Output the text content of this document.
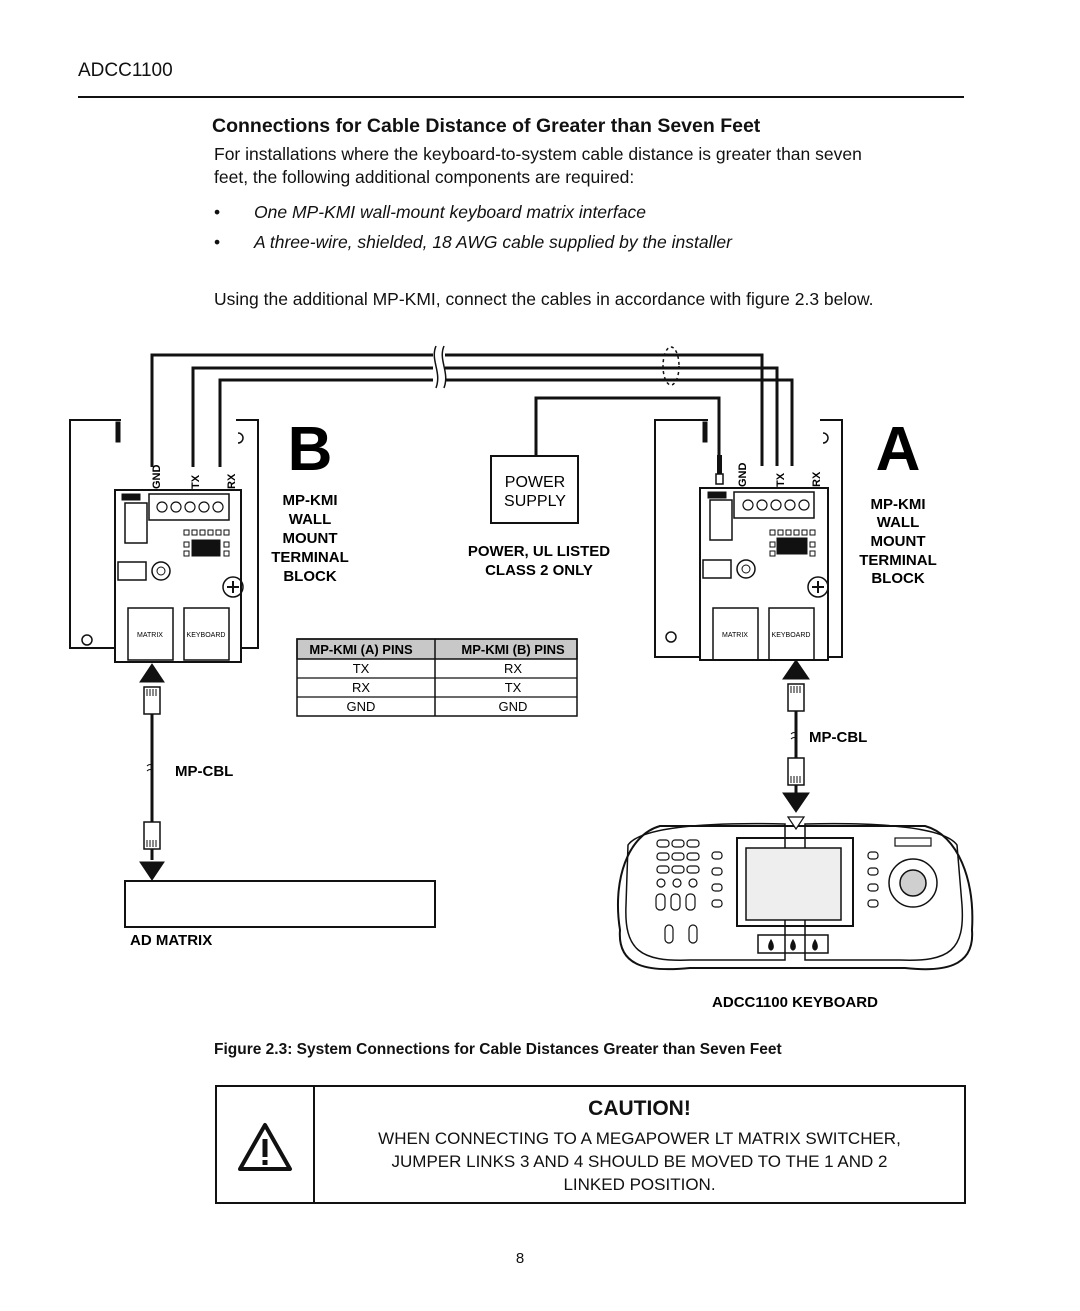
ADCC1100
Connections for Cable Distance of Greater than Seven Feet
For installations where the keyboard-to-system cable distance is greater than seven
feet, the following additional components are required:
• One MP-KMI wall-mount keyboard matrix interface
• A three-wire, shielded, 18 AWG cable supplied by the installer
Using the additional MP-KMI, connect the cables in accordance with figure 2.3 below.
GND TX RX
MATRIX	KEYBOARD
B
MP-KMI
WALL
MOUNT
TERMINAL
BLOCK
GND TX RX
MATRIX	KEYBOARD
A
MP-KMI
WALL
MOUNT
TERMINAL
BLOCK
POWER
SUPPLY
POWER, UL LISTED
CLASS 2 ONLY
MP-KMI (A) PINS	MP-KMI (B) PINS
TX	RX
RX	TX
GND	GND
MP-CBL
AD MATRIX
MP-CBL
ADCC1100 KEYBOARD
Figure 2.3: System Connections for Cable Distances Greater than Seven Feet
CAUTION!
WHEN CONNECTING TO A MEGAPOWER LT MATRIX SWITCHER,
JUMPER LINKS 3 AND 4 SHOULD BE MOVED TO THE 1 AND 2
LINKED POSITION.
8
